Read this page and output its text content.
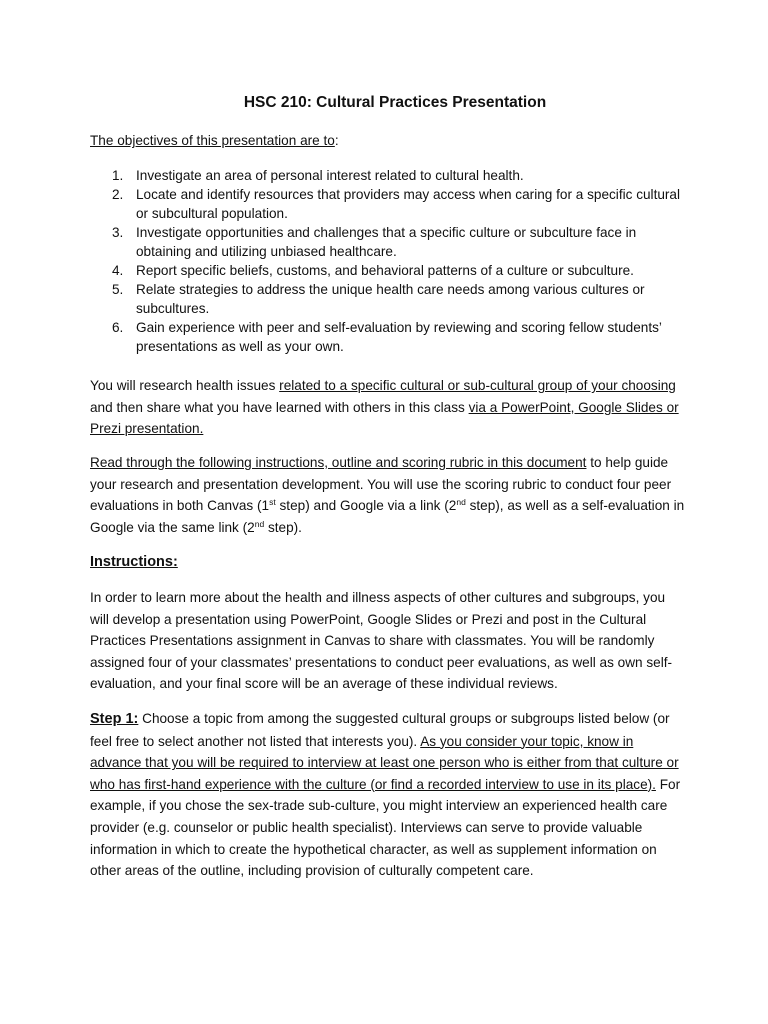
HSC 210: Cultural Practices Presentation
The objectives of this presentation are to:
1. Investigate an area of personal interest related to cultural health.
2. Locate and identify resources that providers may access when caring for a specific cultural or subcultural population.
3. Investigate opportunities and challenges that a specific culture or subculture face in obtaining and utilizing unbiased healthcare.
4. Report specific beliefs, customs, and behavioral patterns of a culture or subculture.
5. Relate strategies to address the unique health care needs among various cultures or subcultures.
6. Gain experience with peer and self-evaluation by reviewing and scoring fellow students’ presentations as well as your own.
You will research health issues related to a specific cultural or sub-cultural group of your choosing and then share what you have learned with others in this class via a PowerPoint, Google Slides or Prezi presentation.
Read through the following instructions, outline and scoring rubric in this document to help guide your research and presentation development. You will use the scoring rubric to conduct four peer evaluations in both Canvas (1st step) and Google via a link (2nd step), as well as a self-evaluation in Google via the same link (2nd step).
Instructions:
In order to learn more about the health and illness aspects of other cultures and subgroups, you will develop a presentation using PowerPoint, Google Slides or Prezi and post in the Cultural Practices Presentations assignment in Canvas to share with classmates. You will be randomly assigned four of your classmates’ presentations to conduct peer evaluations, as well as own self-evaluation, and your final score will be an average of these individual reviews.
Step 1: Choose a topic from among the suggested cultural groups or subgroups listed below (or feel free to select another not listed that interests you). As you consider your topic, know in advance that you will be required to interview at least one person who is either from that culture or who has first-hand experience with the culture (or find a recorded interview to use in its place). For example, if you chose the sex-trade sub-culture, you might interview an experienced health care provider (e.g. counselor or public health specialist). Interviews can serve to provide valuable information in which to create the hypothetical character, as well as supplement information on other areas of the outline, including provision of culturally competent care.
